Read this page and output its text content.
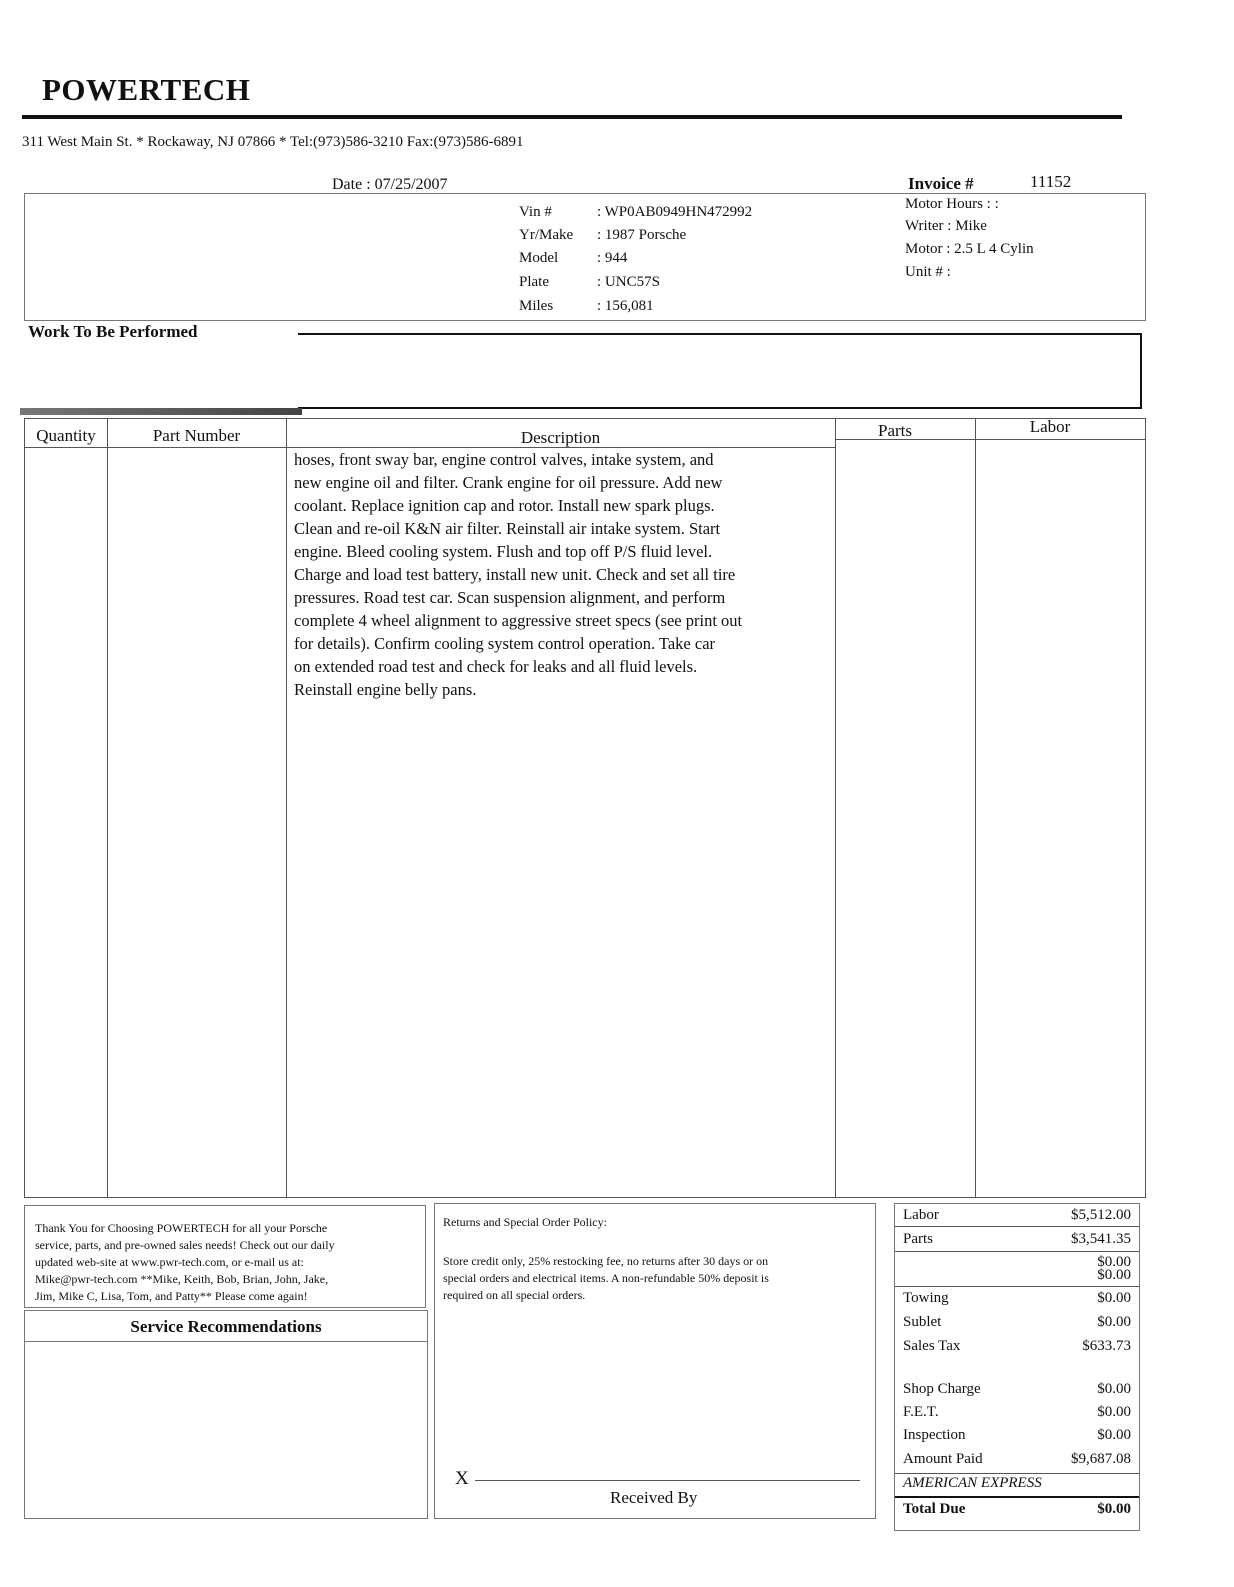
POWERTECH
311 West Main St. * Rockaway, NJ 07866 * Tel:(973)586-3210 Fax:(973)586-6891
Date : 07/25/2007	Invoice #	11152
Vin #	: WP0AB0949HN472992
Yr/Make : 1987 Porsche
Model	: 944
Plate	: UNC57S
Miles	: 156,081
Motor Hours : :
Writer : Mike
Motor : 2.5 L 4 Cylin
Unit # :
Work To Be Performed
Quantity	Part Number	Description	Parts	Labor
hoses, front sway bar, engine control valves, intake system, and
new engine oil and filter. Crank engine for oil pressure. Add new
coolant. Replace ignition cap and rotor. Install new spark plugs.
Clean and re-oil K&N air filter. Reinstall air intake system. Start
engine. Bleed cooling system. Flush and top off P/S fluid level.
Charge and load test battery, install new unit. Check and set all tire
pressures. Road test car. Scan suspension alignment, and perform
complete 4 wheel alignment to aggressive street specs (see print out
for details). Confirm cooling system control operation. Take car
on extended road test and check for leaks and all fluid levels.
Reinstall engine belly pans.
Thank You for Choosing POWERTECH for all your Porsche
service, parts, and pre-owned sales needs! Check out our daily
updated web-site at www.pwr-tech.com, or e-mail us at:
Mike@pwr-tech.com **Mike, Keith, Bob, Brian, John, Jake,
Jim, Mike C, Lisa, Tom, and Patty** Please come again!
Service Recommendations
Returns and Special Order Policy:
Store credit only, 25% restocking fee, no returns after 30 days or on
special orders and electrical items. A non-refundable 50% deposit is
required on all special orders.
X
Received By
Labor	$5,512.00
Parts	$3,541.35
$0.00
$0.00
Towing	$0.00
Sublet	$0.00
Sales Tax	$633.73
Shop Charge	$0.00
F.E.T.	$0.00
Inspection	$0.00
Amount Paid	$9,687.08
AMERICAN EXPRESS
Total Due	$0.00
